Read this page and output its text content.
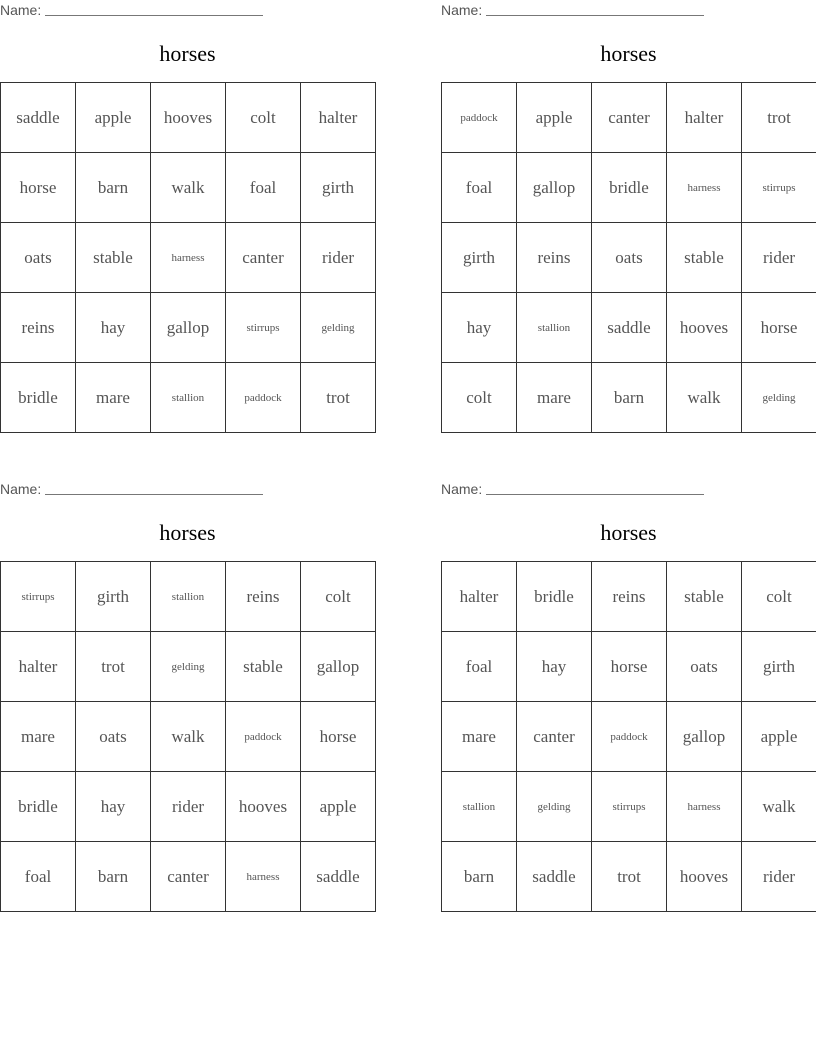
Name:
horses
saddle	apple	hooves	colt	halter
horse	barn	walk	foal	girth
oats	stable	harness	canter	rider
reins	hay	gallop	stirrups	gelding
bridle	mare	stallion	paddock	trot
Name:
horses
paddock	apple	canter	halter	trot
foal	gallop	bridle	harness	stirrups
girth	reins	oats	stable	rider
hay	stallion	saddle	hooves	horse
colt	mare	barn	walk	gelding
Name:
horses
stirrups	girth	stallion	reins	colt
halter	trot	gelding	stable	gallop
mare	oats	walk	paddock	horse
bridle	hay	rider	hooves	apple
foal	barn	canter	harness	saddle
Name:
horses
halter	bridle	reins	stable	colt
foal	hay	horse	oats	girth
mare	canter	paddock	gallop	apple
stallion	gelding	stirrups	harness	walk
barn	saddle	trot	hooves	rider
